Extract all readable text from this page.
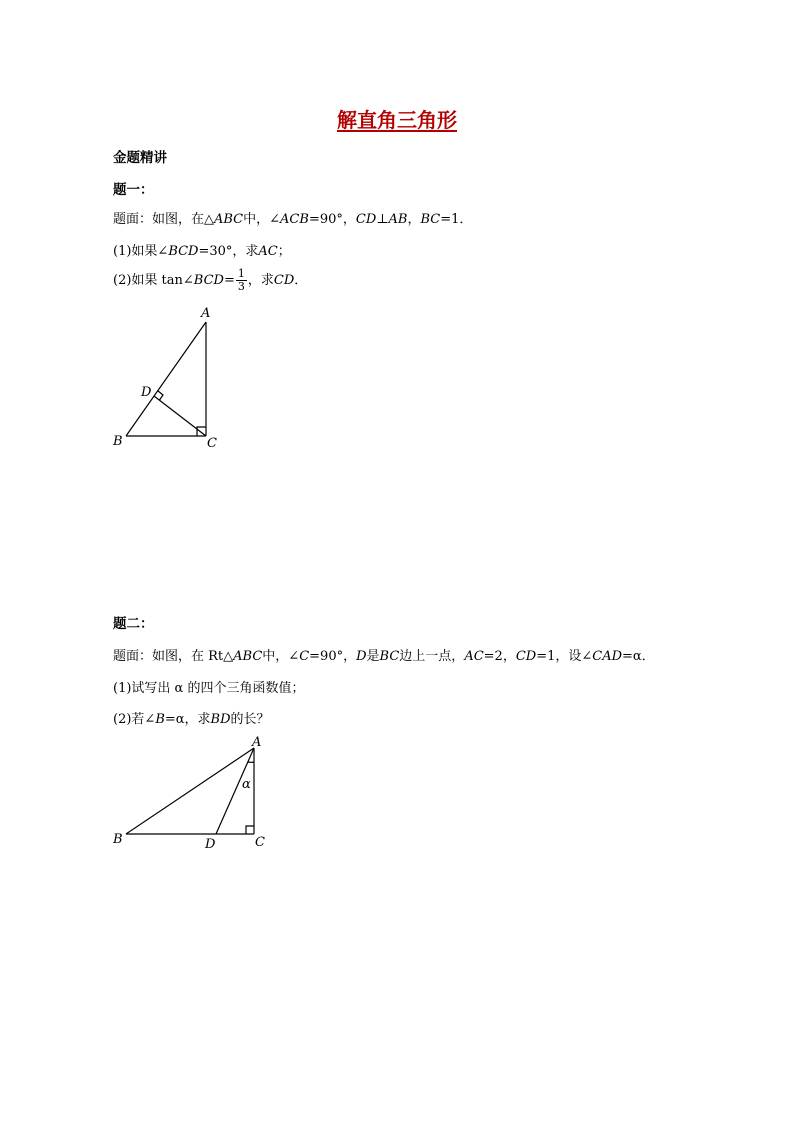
解直角三角形
金题精讲
题一：
题面：如图，在△ABC中，∠ACB=90°，CD⊥AB，BC=1．
(1)如果∠BCD=30°，求AC；
(2)如果 tan∠BCD= $\frac{1}{3}$ ，求CD．
A
B	C
D
A
B	C
D
α
题二：
题面：如图，在 Rt△ABC中，∠C=90°，D是BC边上一点，AC=2，CD=1，设∠CAD=α．
(1)试写出 α 的四个三角函数值；
(2)若∠B=α，求BD的长？
